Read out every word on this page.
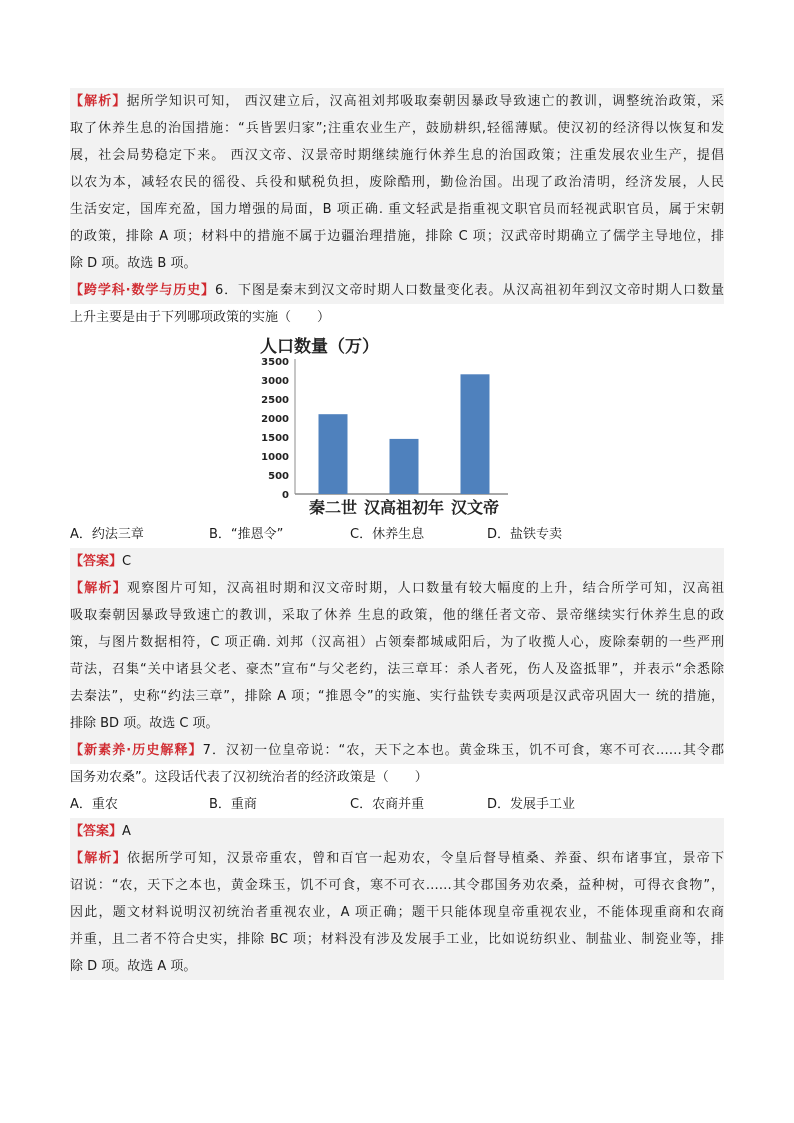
【解析】据所学知识可知， 西汉建立后，汉高祖刘邦吸取秦朝因暴政导致速亡的教训，调整统治政策，采

取了休养生息的治国措施：“兵皆罢归家”;注重农业生产，鼓励耕织,轻徭薄赋。使汉初的经济得以恢复和发

展，社会局势稳定下来。 西汉文帝、汉景帝时期继续施行休养生息的治国政策；注重发展农业生产，提倡

以农为本，减轻农民的徭役、兵役和赋税负担，废除酷刑，勤俭治国。出现了政治清明，经济发展，人民

生活安定，国库充盈，国力增强的局面，B 项正确. 重文轻武是指重视文职官员而轻视武职官员，属于宋朝

的政策，排除 A 项；材料中的措施不属于边疆治理措施，排除 C 项；汉武帝时期确立了儒学主导地位，排

除 D 项。故选 B 项。

【跨学科·数学与历史】6．下图是秦末到汉文帝时期人口数量变化表。从汉高祖初年到汉文帝时期人口数量

上升主要是由于下列哪项政策的实施（　　）

人口数量（万）
0
500
1000
1500
2000
2500
3000
3500
秦二世 汉高祖初年 汉文帝
A．约法三章	B．“推恩令”	C．休养生息	D．盐铁专卖

【答案】C

【解析】观察图片可知，汉高祖时期和汉文帝时期，人口数量有较大幅度的上升，结合所学可知，汉高祖

吸取秦朝因暴政导致速亡的教训，采取了休养 生息的政策，他的继任者文帝、景帝继续实行休养生息的政

策，与图片数据相符，C 项正确. 刘邦（汉高祖）占领秦都城咸阳后，为了收揽人心，废除秦朝的一些严刑

苛法，召集“关中诸县父老、豪杰”宣布“与父老约，法三章耳：杀人者死，伤人及盗抵罪”，并表示“余悉除

去秦法”，史称“约法三章”，排除 A 项；“推恩令”的实施、实行盐铁专卖两项是汉武帝巩固大一 统的措施，

排除 BD 项。故选 C 项。

【新素养·历史解释】7．汉初一位皇帝说：“农，天下之本也。黄金珠玉，饥不可食，寒不可衣……其令郡

国务劝农桑”。这段话代表了汉初统治者的经济政策是（　　）

A．重农	B．重商	C．农商并重	D．发展手工业

【答案】A

【解析】依据所学可知，汉景帝重农，曾和百官一起劝农，令皇后督导植桑、养蚕、织布诸事宜，景帝下

诏说：“农，天下之本也，黄金珠玉，饥不可食，寒不可衣……其令郡国务劝农桑，益种树，可得衣食物”，

因此，题文材料说明汉初统治者重视农业，A 项正确；题干只能体现皇帝重视农业，不能体现重商和农商

并重，且二者不符合史实，排除 BC 项；材料没有涉及发展手工业，比如说纺织业、制盐业、制瓷业等，排

除 D 项。故选 A 项。
